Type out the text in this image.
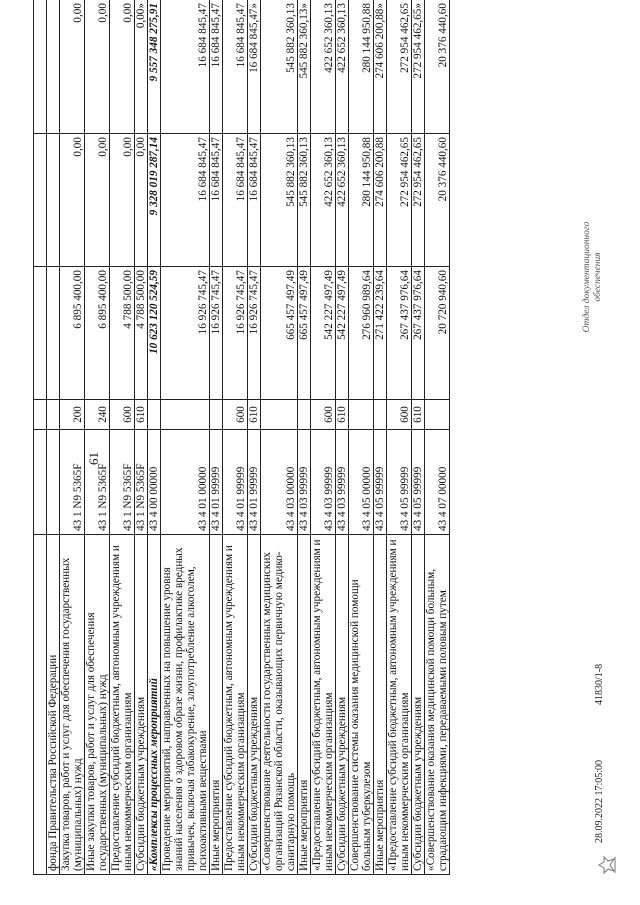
61

фонда Правительства Российской Федерации					
Закупка товаров, работ и услуг для обеспечения государственных (муниципальных) нужд	43 1 N9 5365F	200	6 895 400,00	0,00	0,00
Иные закупки товаров, работ и услуг для обеспечения государственных (муниципальных) нужд	43 1 N9 5365F	240	6 895 400,00	0,00	0,00
Предоставление субсидий бюджетным, автономным учреждениям и иным некоммерческим организациям	43 1 N9 5365F	600	4 788 500,00	0,00	0,00
Субсидии бюджетным учреждениям	43 1 N9 5365F	610	4 788 500,00	0,00	0,00»
«Комплексы процессных мероприятий	43 4 00 00000		10 623 120 524,59	9 328 019 287,14	9 557 348 275,91
Проведение мероприятий, направленных на повышение уровня знаний населения о здоровом образе жизни, профилактике вредных привычек, включая табакокурение, злоупотребление алкоголем, психоактивными веществами	43 4 01 00000		16 926 745,47	16 684 845,47	16 684 845,47
Иные мероприятия	43 4 01 99999		16 926 745,47	16 684 845,47	16 684 845,47
Предоставление субсидий бюджетным, автономным учреждениям и иным некоммерческим организациям	43 4 01 99999	600	16 926 745,47	16 684 845,47	16 684 845,47
Субсидии бюджетным учреждениям	43 4 01 99999	610	16 926 745,47	16 684 845,47	16 684 845,47»
«Совершенствование деятельности государственных медицинских организаций Рязанской области, оказывающих первичную медико-санитарную помощь	43 4 03 00000		665 457 497,49	545 882 360,13	545 882 360,13
Иные мероприятия	43 4 03 99999		665 457 497,49	545 882 360,13	545 882 360,13»
«Предоставление субсидий бюджетным, автономным учреждениям и иным некоммерческим организациям	43 4 03 99999	600	542 227 497,49	422 652 360,13	422 652 360,13
Субсидии бюджетным учреждениям	43 4 03 99999	610	542 227 497,49	422 652 360,13	422 652 360,13
Совершенствование системы оказания медицинской помощи больным туберкулезом	43 4 05 00000		276 960 989,64	280 144 950,88	280 144 950,88
Иные мероприятия	43 4 05 99999		271 422 239,64	274 606 200,88	274 606 200,88»
«Предоставление субсидий бюджетным, автономным учреждениям и иным некоммерческим организациям	43 4 05 99999	600	267 437 976,64	272 954 462,65	272 954 462,65
Субсидии бюджетным учреждениям	43 4 05 99999	610	267 437 976,64	272 954 462,65	272 954 462,65»
«Совершенствование оказания медицинской помощи больным, страдающим инфекциями, передаваемыми половым путем	43 4 07 00000		20 720 940,60	20 376 440,60	20 376 440,60
28.09.2022 17:05:00
41830/1-8
Отдел документационного обеспечения
